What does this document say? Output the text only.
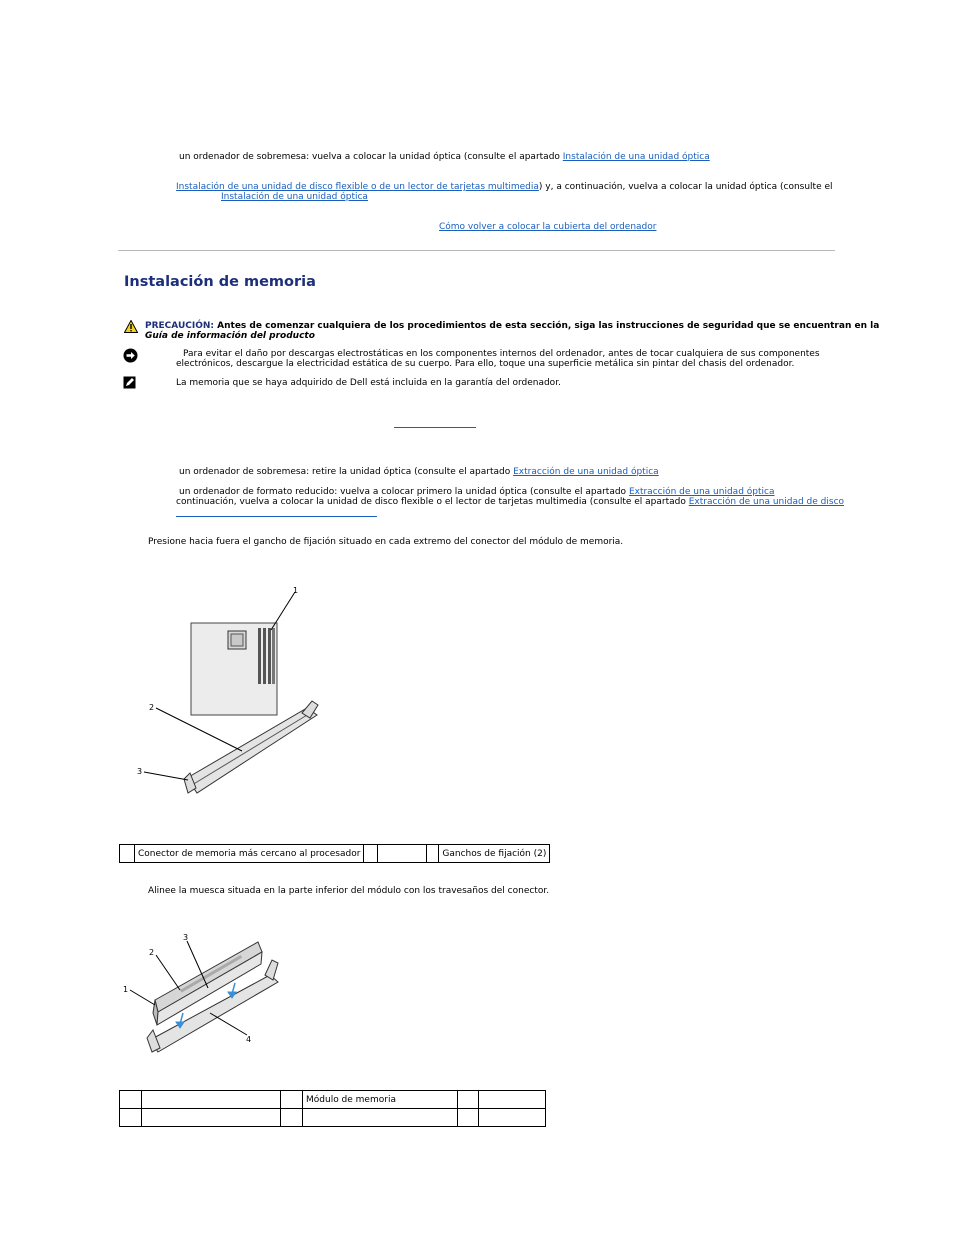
un ordenador de sobremesa: vuelva a colocar la unidad óptica (consulte el apartado Instalación de una unidad óptica
Instalación de una unidad de disco flexible o de un lector de tarjetas multimedia) y, a continuación, vuelva a colocar la unidad óptica (consulte el
Instalación de una unidad óptica
Cómo volver a colocar la cubierta del ordenador
Instalación de memoria
PRECAUCIÓN: Antes de comenzar cualquiera de los procedimientos de esta sección, siga las instrucciones de seguridad que se encuentran en la
Guía de información del producto
Para evitar el daño por descargas electrostáticas en los componentes internos del ordenador, antes de tocar cualquiera de sus componentes
electrónicos, descargue la electricidad estática de su cuerpo. Para ello, toque una superficie metálica sin pintar del chasis del ordenador.
La memoria que se haya adquirido de Dell está incluida en la garantía del ordenador.
un ordenador de sobremesa: retire la unidad óptica (consulte el apartado Extracción de una unidad óptica
un ordenador de formato reducido: vuelva a colocar primero la unidad óptica (consulte el apartado Extracción de una unidad óptica
continuación, vuelva a colocar la unidad de disco flexible o el lector de tarjetas multimedia (consulte el apartado Extracción de una unidad de disco
Presione hacia fuera el gancho de fijación situado en cada extremo del conector del módulo de memoria.
1
2
3
	Conector de memoria más cercano al procesador				Ganchos de fijación (2)
Alinee la muesca situada en la parte inferior del módulo con los travesaños del conector.
1
2
3
4
			Módulo de memoria		
